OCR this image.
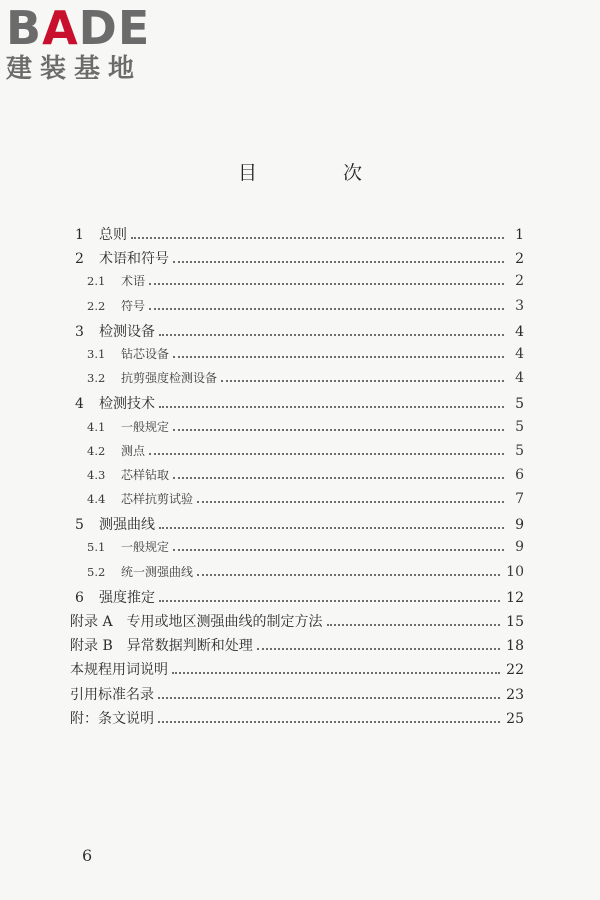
BADE
建装基地
目 次
1	总则	1
2	术语和符号	2
2.1	术语	2
2.2	符号	3
3	检测设备	4
3.1	钻芯设备	4
3.2	抗剪强度检测设备	4
4	检测技术	5
4.1	一般规定	5
4.2	测点	5
4.3	芯样钻取	6
4.4	芯样抗剪试验	7
5	测强曲线	9
5.1	一般规定	9
5.2	统一测强曲线	10
6	强度推定	12
附录 A　专用或地区测强曲线的制定方法	15
附录 B　异常数据判断和处理	18
本规程用词说明	22
引用标准名录	23
附：条文说明	25
6
